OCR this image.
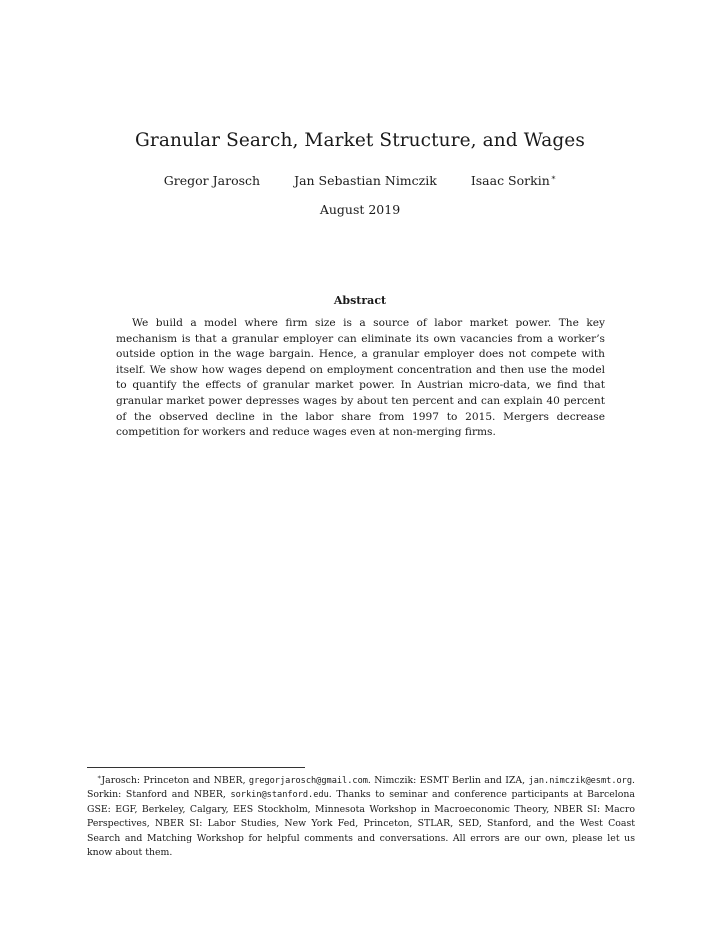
Granular Search, Market Structure, and Wages
Gregor Jarosch	Jan Sebastian Nimczik	Isaac Sorkin∗
August 2019
Abstract
We build a model where firm size is a source of labor market power. The key mechanism is that a granular employer can eliminate its own vacancies from a worker’s outside option in the wage bargain. Hence, a granular employer does not compete with itself. We show how wages depend on employment concentration and then use the model to quantify the effects of granular market power. In Austrian micro-data, we find that granular market power depresses wages by about ten percent and can explain 40 percent of the observed decline in the labor share from 1997 to 2015. Mergers decrease competition for workers and reduce wages even at non-merging firms.
∗Jarosch: Princeton and NBER, gregorjarosch@gmail.com. Nimczik: ESMT Berlin and IZA, jan.nimczik@esmt.org. Sorkin: Stanford and NBER, sorkin@stanford.edu. Thanks to seminar and conference participants at Barcelona GSE: EGF, Berkeley, Calgary, EES Stockholm, Minnesota Workshop in Macroeconomic Theory, NBER SI: Macro Perspectives, NBER SI: Labor Studies, New York Fed, Princeton, STLAR, SED, Stanford, and the West Coast Search and Matching Workshop for helpful comments and conversations. All errors are our own, please let us know about them.
